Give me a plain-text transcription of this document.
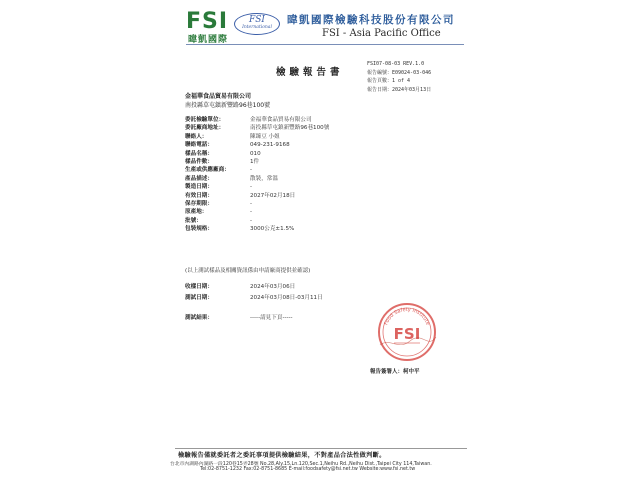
FSI
暐凱國際
FSI
International
暐凱國際檢驗科技股份有限公司
FSI - Asia Pacific Office
檢驗報告書
FSI07-08-03 REV.1.0
報告編號：E09024-03-046
報告頁數：1 of 4
報告日期：2024年03月13日
金福華食品貿易有限公司
南投縣草屯鎮新豐路96巷100號
委託檢驗單位：	金福華食品貿易有限公司
委託廠商地址：	南投縣草屯鎮新豐路96巷100號
聯絡人：	陳臻豆 小姐
聯絡電話：	049-231-9168
樣品名稱：	010
樣品件數：	1件
生產或供應廠商：	-
產品描述：	散裝，常溫
製造日期：	-
有效日期：	2027年02月18日
保存期限：	-
原產地：	-
批號：	-
包裝規格：	3000公克±1.5%
(以上測試樣品及相關資訊係由申請廠商提供並確認)
收樣日期：	2024年03月06日
測試日期：	2024年03月08日-03月11日
測試結果：	-----請見下頁-----
Food Safety Institute
FSI
報告簽署人：柯中平
檢驗報告僅就委託者之委託事項提供檢驗結果，不對產品合法性做判斷。
台北市內湖路內湖路一段120巷15弄28號 No.28,Aly.15,Ln.120,Sec.1,Neihu Rd.,Neihu Dist.,Taipei City 114,Taiwan.
Tel:02-8751-1232 Fax:02-8751-8685 E-mail:foodsafety@fsi.net.tw Website:www.fsi.net.tw
